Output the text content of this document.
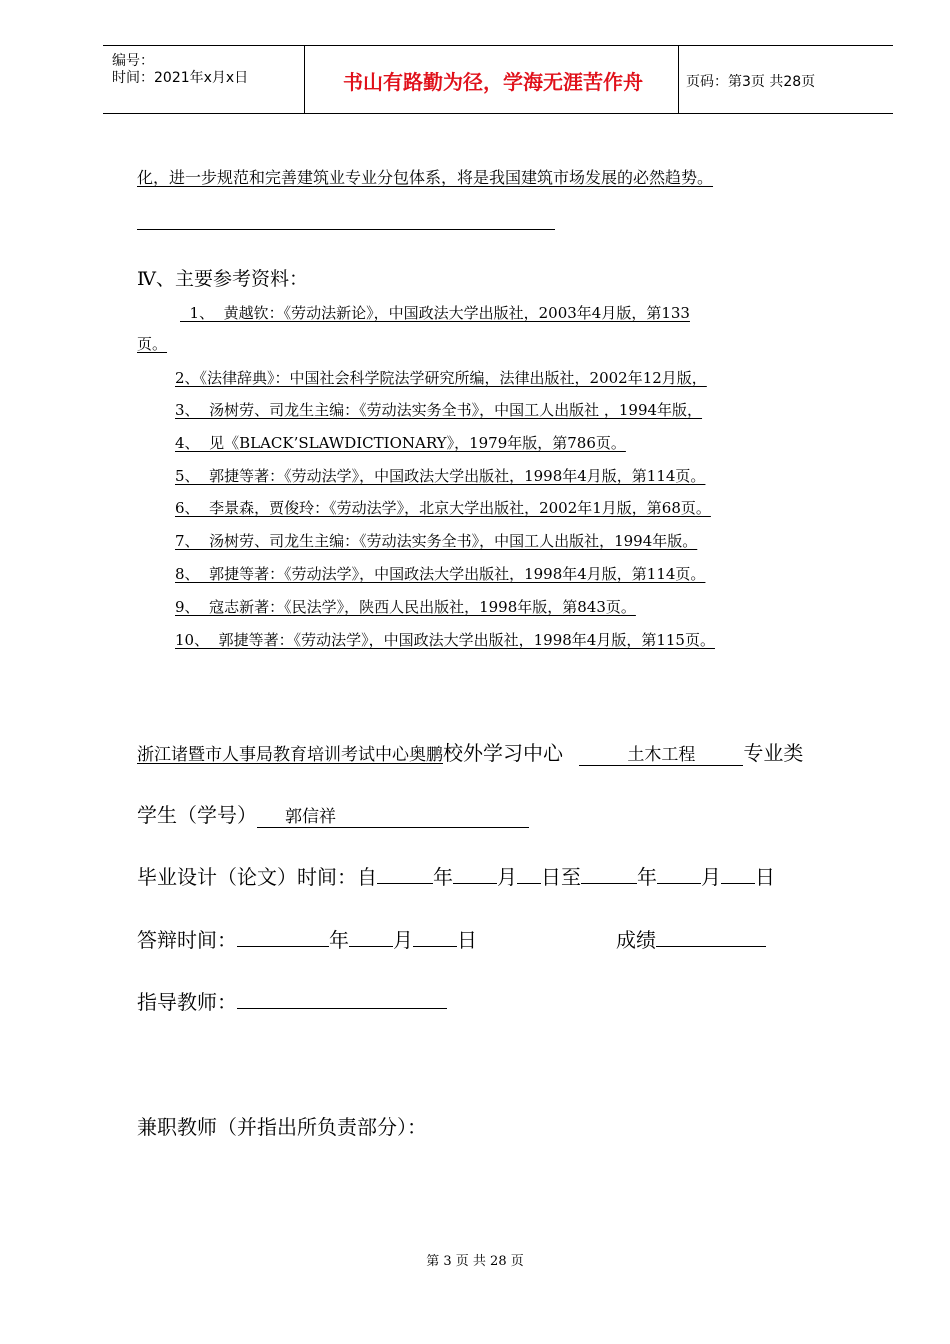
编号：
时间：2021年x月x日	书山有路勤为径，学海无涯苦作舟	页码：第3页 共28页
化，进一步规范和完善建筑业专业分包体系，将是我国建筑市场发展的必然趋势。
Ⅳ、主要参考资料：
1、  黄越钦：《劳动法新论》，中国政法大学出版社，2003年4月版，第133
页。
2、《法律辞典》：中国社会科学院法学研究所编，法律出版社，2002年12月版，
3、  汤树劳、司龙生主编：《劳动法实务全书》，中国工人出版社 ，1994年版，
4、  见《BLACK’SLAWDICTIONARY》，1979年版，第786页。
5、  郭捷等著：《劳动法学》，中国政法大学出版社，1998年4月版，第114页。
6、  李景森，贾俊玲：《劳动法学》，北京大学出版社，2002年1月版，第68页。
7、  汤树劳、司龙生主编：《劳动法实务全书》，中国工人出版社，1994年版。
8、  郭捷等著：《劳动法学》，中国政法大学出版社，1998年4月版，第114页。
9、  寇志新著：《民法学》，陕西人民出版社，1998年版，第843页。
10、  郭捷等著：《劳动法学》，中国政法大学出版社，1998年4月版，第115页。
浙江诸暨市人事局教育培训考试中心奥鹏校外学习中心	土木工程 专业类
学生（学号） 郭信祥
毕业设计（论文）时间：自	年 月 日至	年 月 日
答辩时间：	年 月 日	成绩
指导教师：
兼职教师（并指出所负责部分）：
第 3 页 共 28 页
